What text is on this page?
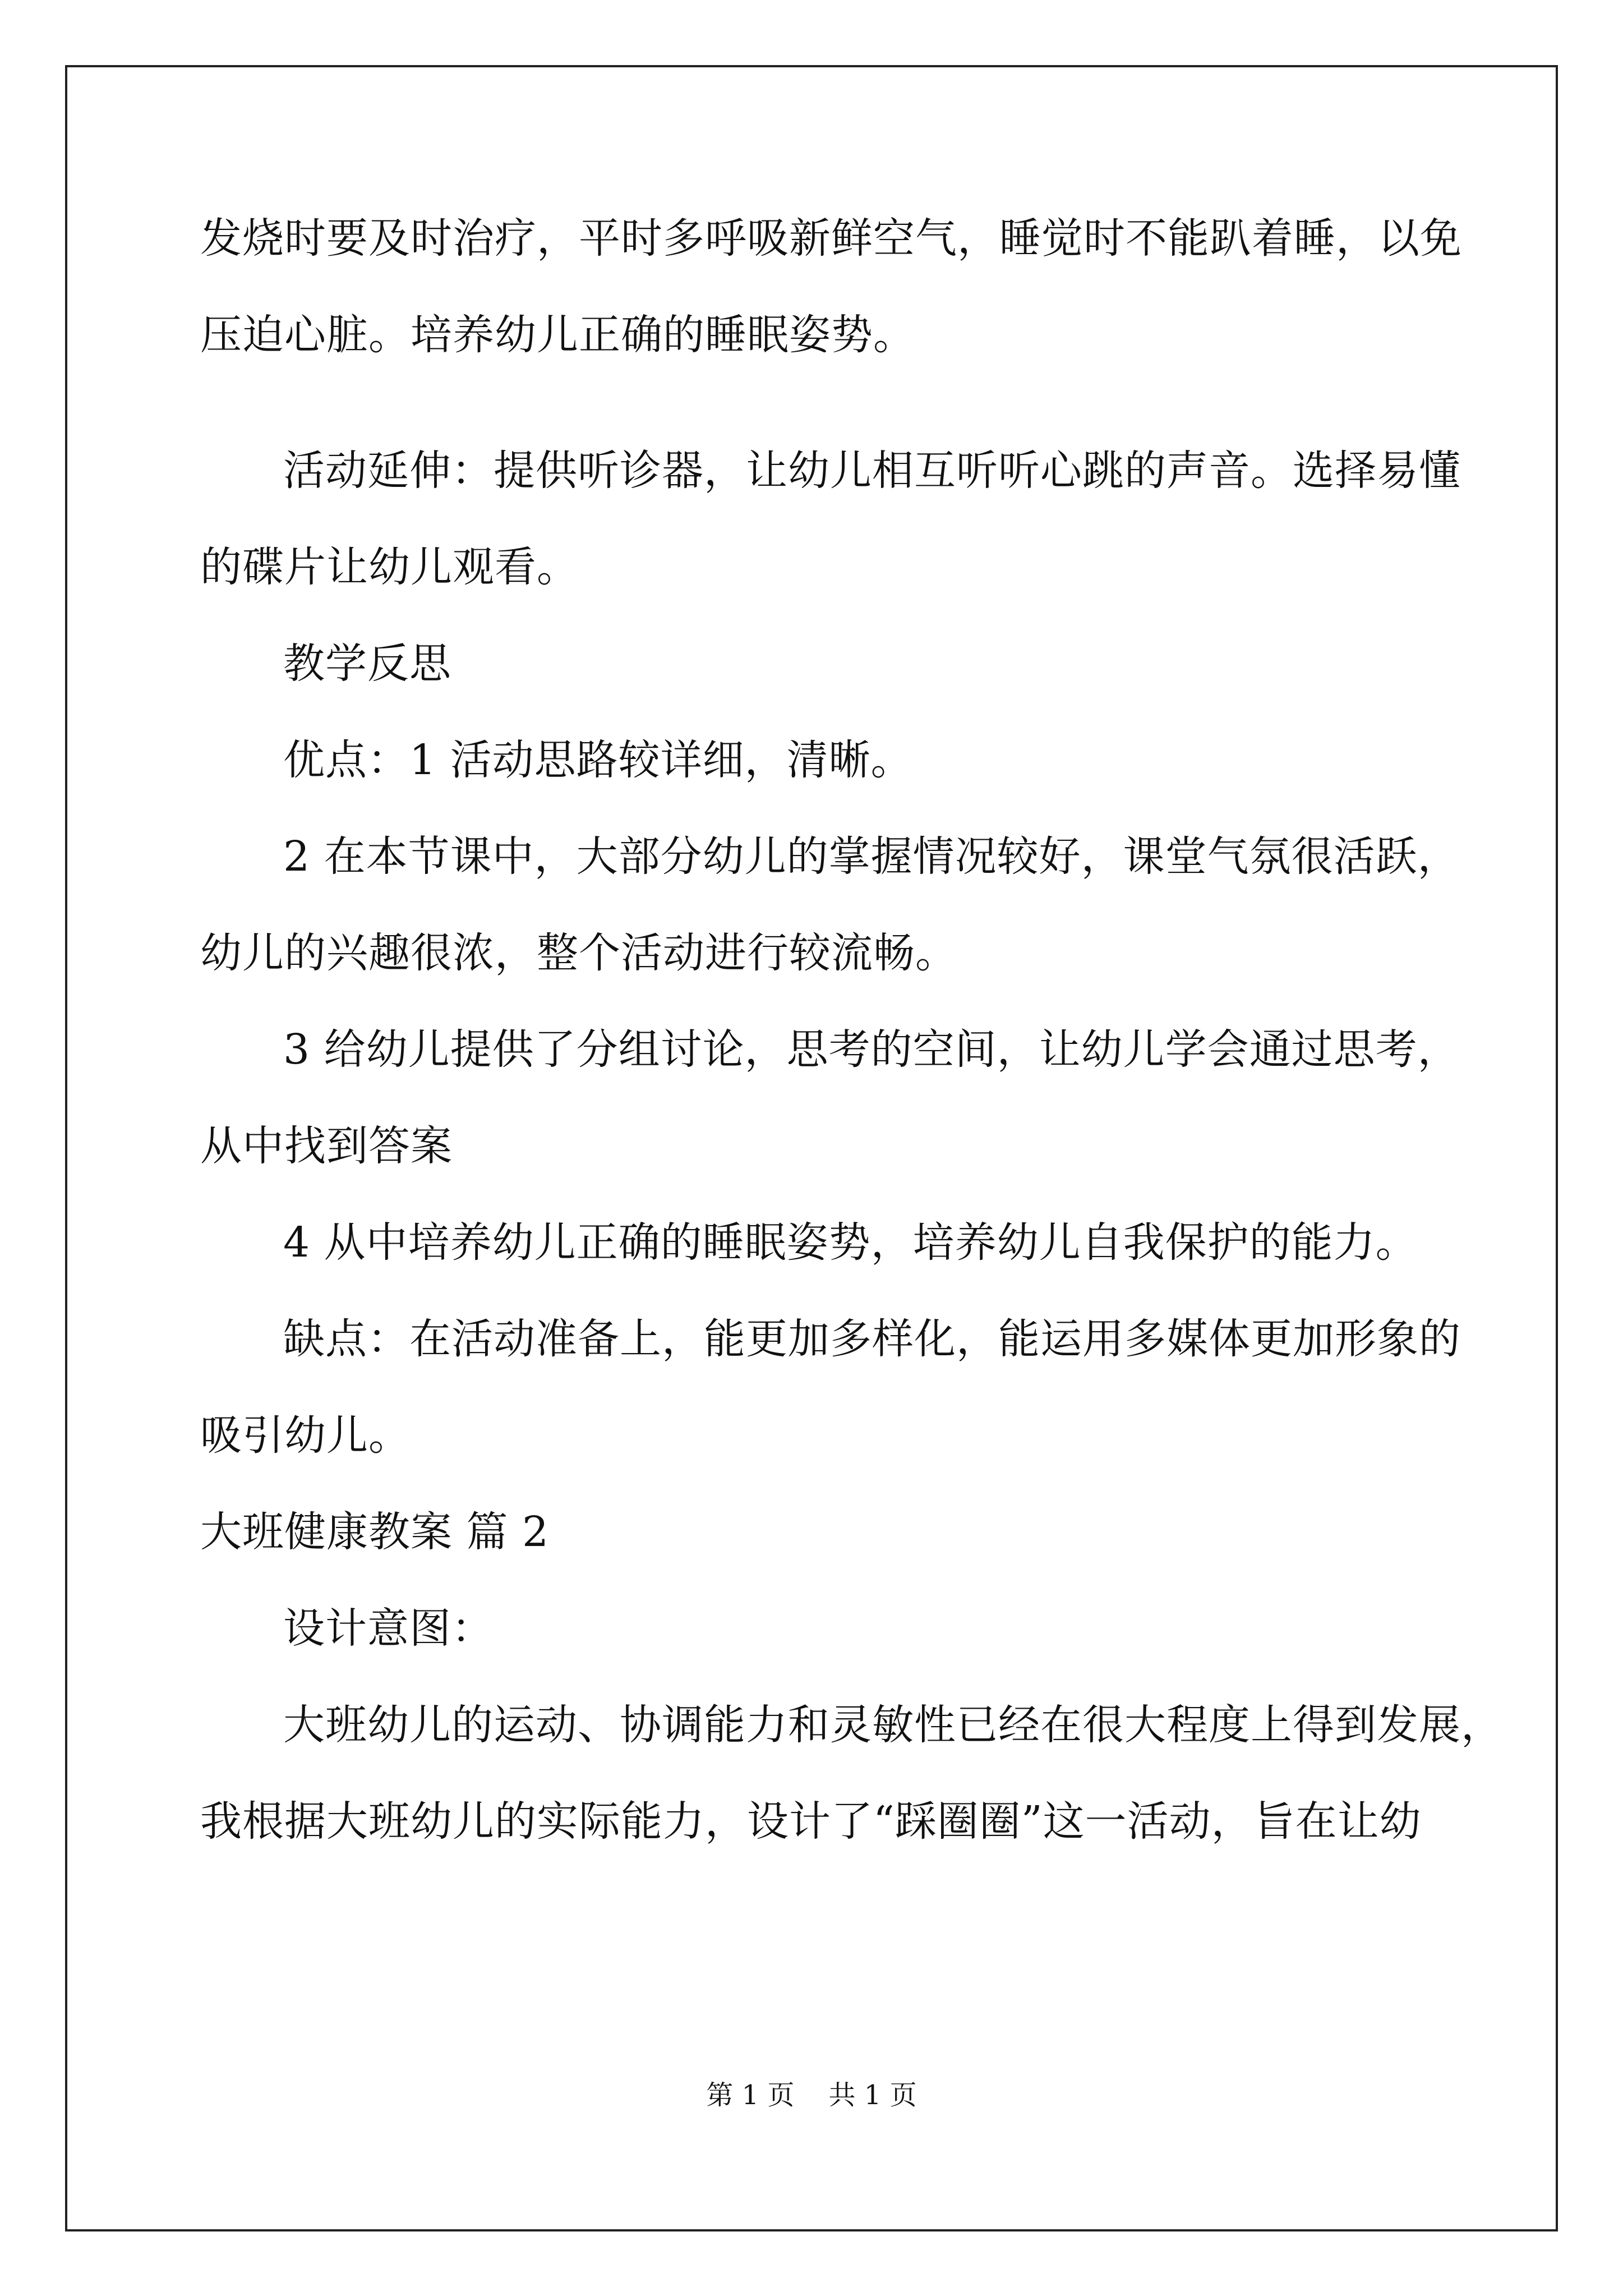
发烧时要及时治疗，平时多呼吸新鲜空气，睡觉时不能趴着睡，以免
压迫心脏。培养幼儿正确的睡眠姿势。
活动延伸：提供听诊器，让幼儿相互听听心跳的声音。选择易懂
的碟片让幼儿观看。
教学反思
优点：1 活动思路较详细，清晰。
2 在本节课中，大部分幼儿的掌握情况较好，课堂气氛很活跃，
幼儿的兴趣很浓，整个活动进行较流畅。
3 给幼儿提供了分组讨论，思考的空间，让幼儿学会通过思考，
从中找到答案
4 从中培养幼儿正确的睡眠姿势，培养幼儿自我保护的能力。
缺点：在活动准备上，能更加多样化，能运用多媒体更加形象的
吸引幼儿。
大班健康教案 篇 2
设计意图：
大班幼儿的运动、协调能力和灵敏性已经在很大程度上得到发展，
我根据大班幼儿的实际能力，设计了“踩圈圈”这一活动，旨在让幼
第 1 页    共 1 页
